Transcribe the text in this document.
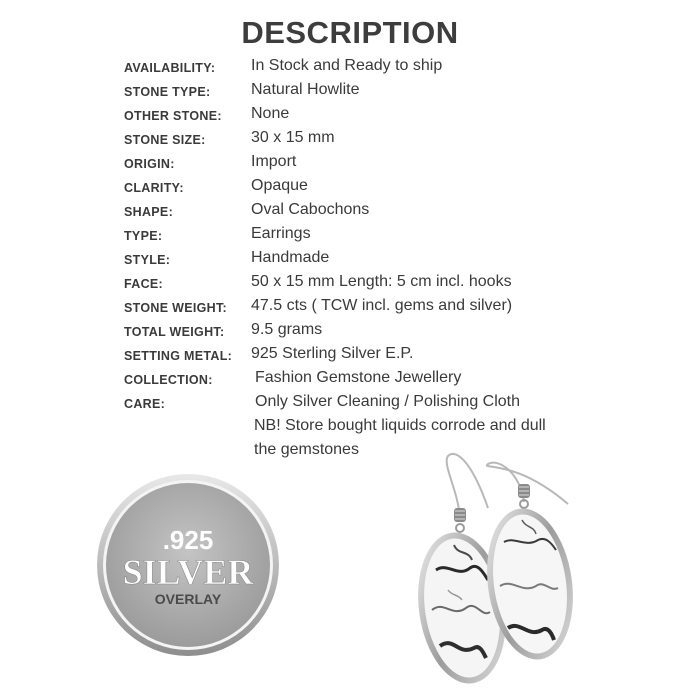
DESCRIPTION
AVAILABILITY: In Stock and Ready to ship
STONE TYPE:	Natural Howlite
OTHER STONE: None
STONE SIZE:	30 x 15 mm
ORIGIN:	Import
CLARITY:	Opaque
SHAPE:	Oval Cabochons
TYPE:	Earrings
STYLE:	Handmade
FACE:	50 x 15 mm Length: 5 cm incl. hooks
STONE WEIGHT: 47.5 cts ( TCW incl. gems and silver)
TOTAL WEIGHT: 9.5 grams
SETTING METAL: 925 Sterling Silver E.P.
COLLECTION:	Fashion Gemstone Jewellery
CARE:	Only Silver Cleaning / Polishing Cloth
NB! Store bought liquids corrode and dull
the gemstones
.925
SILVER
OVERLAY
